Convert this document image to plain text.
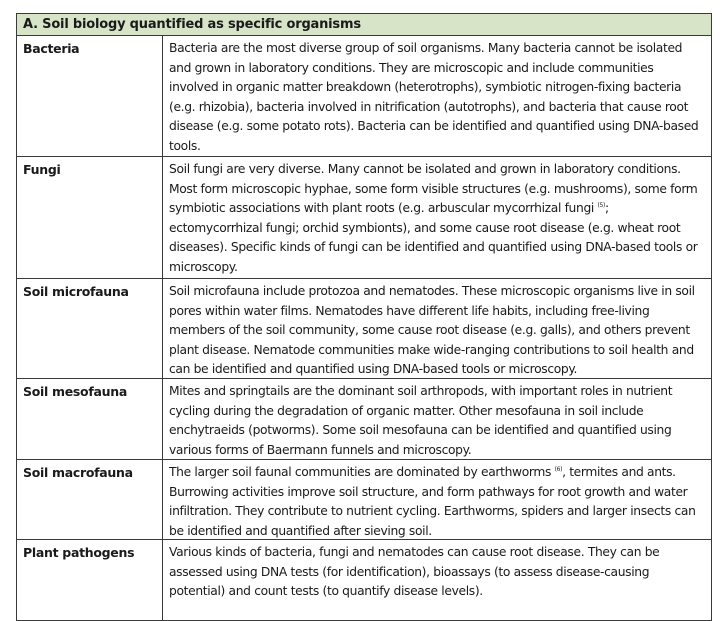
A. Soil biology quantified as specific organisms
Bacteria	Bacteria are the most diverse group of soil organisms. Many bacteria cannot be isolated and grown in laboratory conditions. They are microscopic and include communities involved in organic matter breakdown (heterotrophs), symbiotic nitrogen-fixing bacteria (e.g. rhizobia), bacteria involved in nitrification (autotrophs), and bacteria that cause root disease (e.g. some potato rots). Bacteria can be identified and quantified using DNA-based tools.
Fungi	Soil fungi are very diverse. Many cannot be isolated and grown in laboratory conditions. Most form microscopic hyphae, some form visible structures (e.g. mushrooms), some form symbiotic associations with plant roots (e.g. arbuscular mycorrhizal fungi $^{(5)}$; ectomycorrhizal fungi; orchid symbionts), and some cause root disease (e.g. wheat root diseases). Specific kinds of fungi can be identified and quantified using DNA-based tools or microscopy.
Soil microfauna	Soil microfauna include protozoa and nematodes. These microscopic organisms live in soil pores within water films. Nematodes have different life habits, including free-living members of the soil community, some cause root disease (e.g. galls), and others prevent plant disease. Nematode communities make wide-ranging contributions to soil health and can be identified and quantified using DNA-based tools or microscopy.
Soil mesofauna	Mites and springtails are the dominant soil arthropods, with important roles in nutrient cycling during the degradation of organic matter. Other mesofauna in soil include enchytraeids (potworms). Some soil mesofauna can be identified and quantified using various forms of Baermann funnels and microscopy.
Soil macrofauna	The larger soil faunal communities are dominated by earthworms $^{(6)}$, termites and ants. Burrowing activities improve soil structure, and form pathways for root growth and water infiltration. They contribute to nutrient cycling. Earthworms, spiders and larger insects can be identified and quantified after sieving soil.
Plant pathogens	Various kinds of bacteria, fungi and nematodes can cause root disease. They can be assessed using DNA tests (for identification), bioassays (to assess disease-causing potential) and count tests (to quantify disease levels).
